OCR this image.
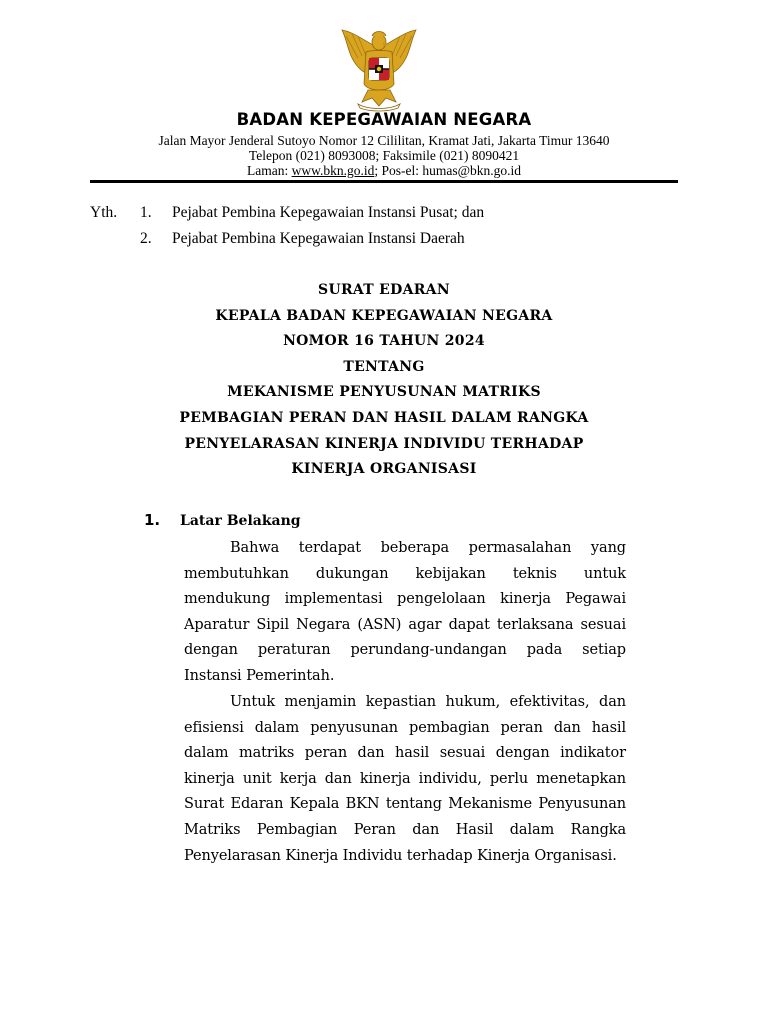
BADAN KEPEGAWAIAN NEGARA
Jalan Mayor Jenderal Sutoyo Nomor 12 Cililitan, Kramat Jati, Jakarta Timur 13640
Telepon (021) 8093008; Faksimile (021) 8090421
Laman: www.bkn.go.id; Pos-el: humas@bkn.go.id
Yth. 1. Pejabat Pembina Kepegawaian Instansi Pusat; dan
2. Pejabat Pembina Kepegawaian Instansi Daerah
SURAT EDARAN
KEPALA BADAN KEPEGAWAIAN NEGARA
NOMOR 16 TAHUN 2024
TENTANG
MEKANISME PENYUSUNAN MATRIKS
PEMBAGIAN PERAN DAN HASIL DALAM RANGKA
PENYELARASAN KINERJA INDIVIDU TERHADAP
KINERJA ORGANISASI
1. Latar Belakang

Bahwa terdapat beberapa permasalahan yang membutuhkan dukungan kebijakan teknis untuk mendukung implementasi pengelolaan kinerja Pegawai Aparatur Sipil Negara (ASN) agar dapat terlaksana sesuai dengan peraturan perundang-undangan pada setiap Instansi Pemerintah.

Untuk menjamin kepastian hukum, efektivitas, dan efisiensi dalam penyusunan pembagian peran dan hasil dalam matriks peran dan hasil sesuai dengan indikator kinerja unit kerja dan kinerja individu, perlu menetapkan Surat Edaran Kepala BKN tentang Mekanisme Penyusunan Matriks Pembagian Peran dan Hasil dalam Rangka Penyelarasan Kinerja Individu terhadap Kinerja Organisasi.
